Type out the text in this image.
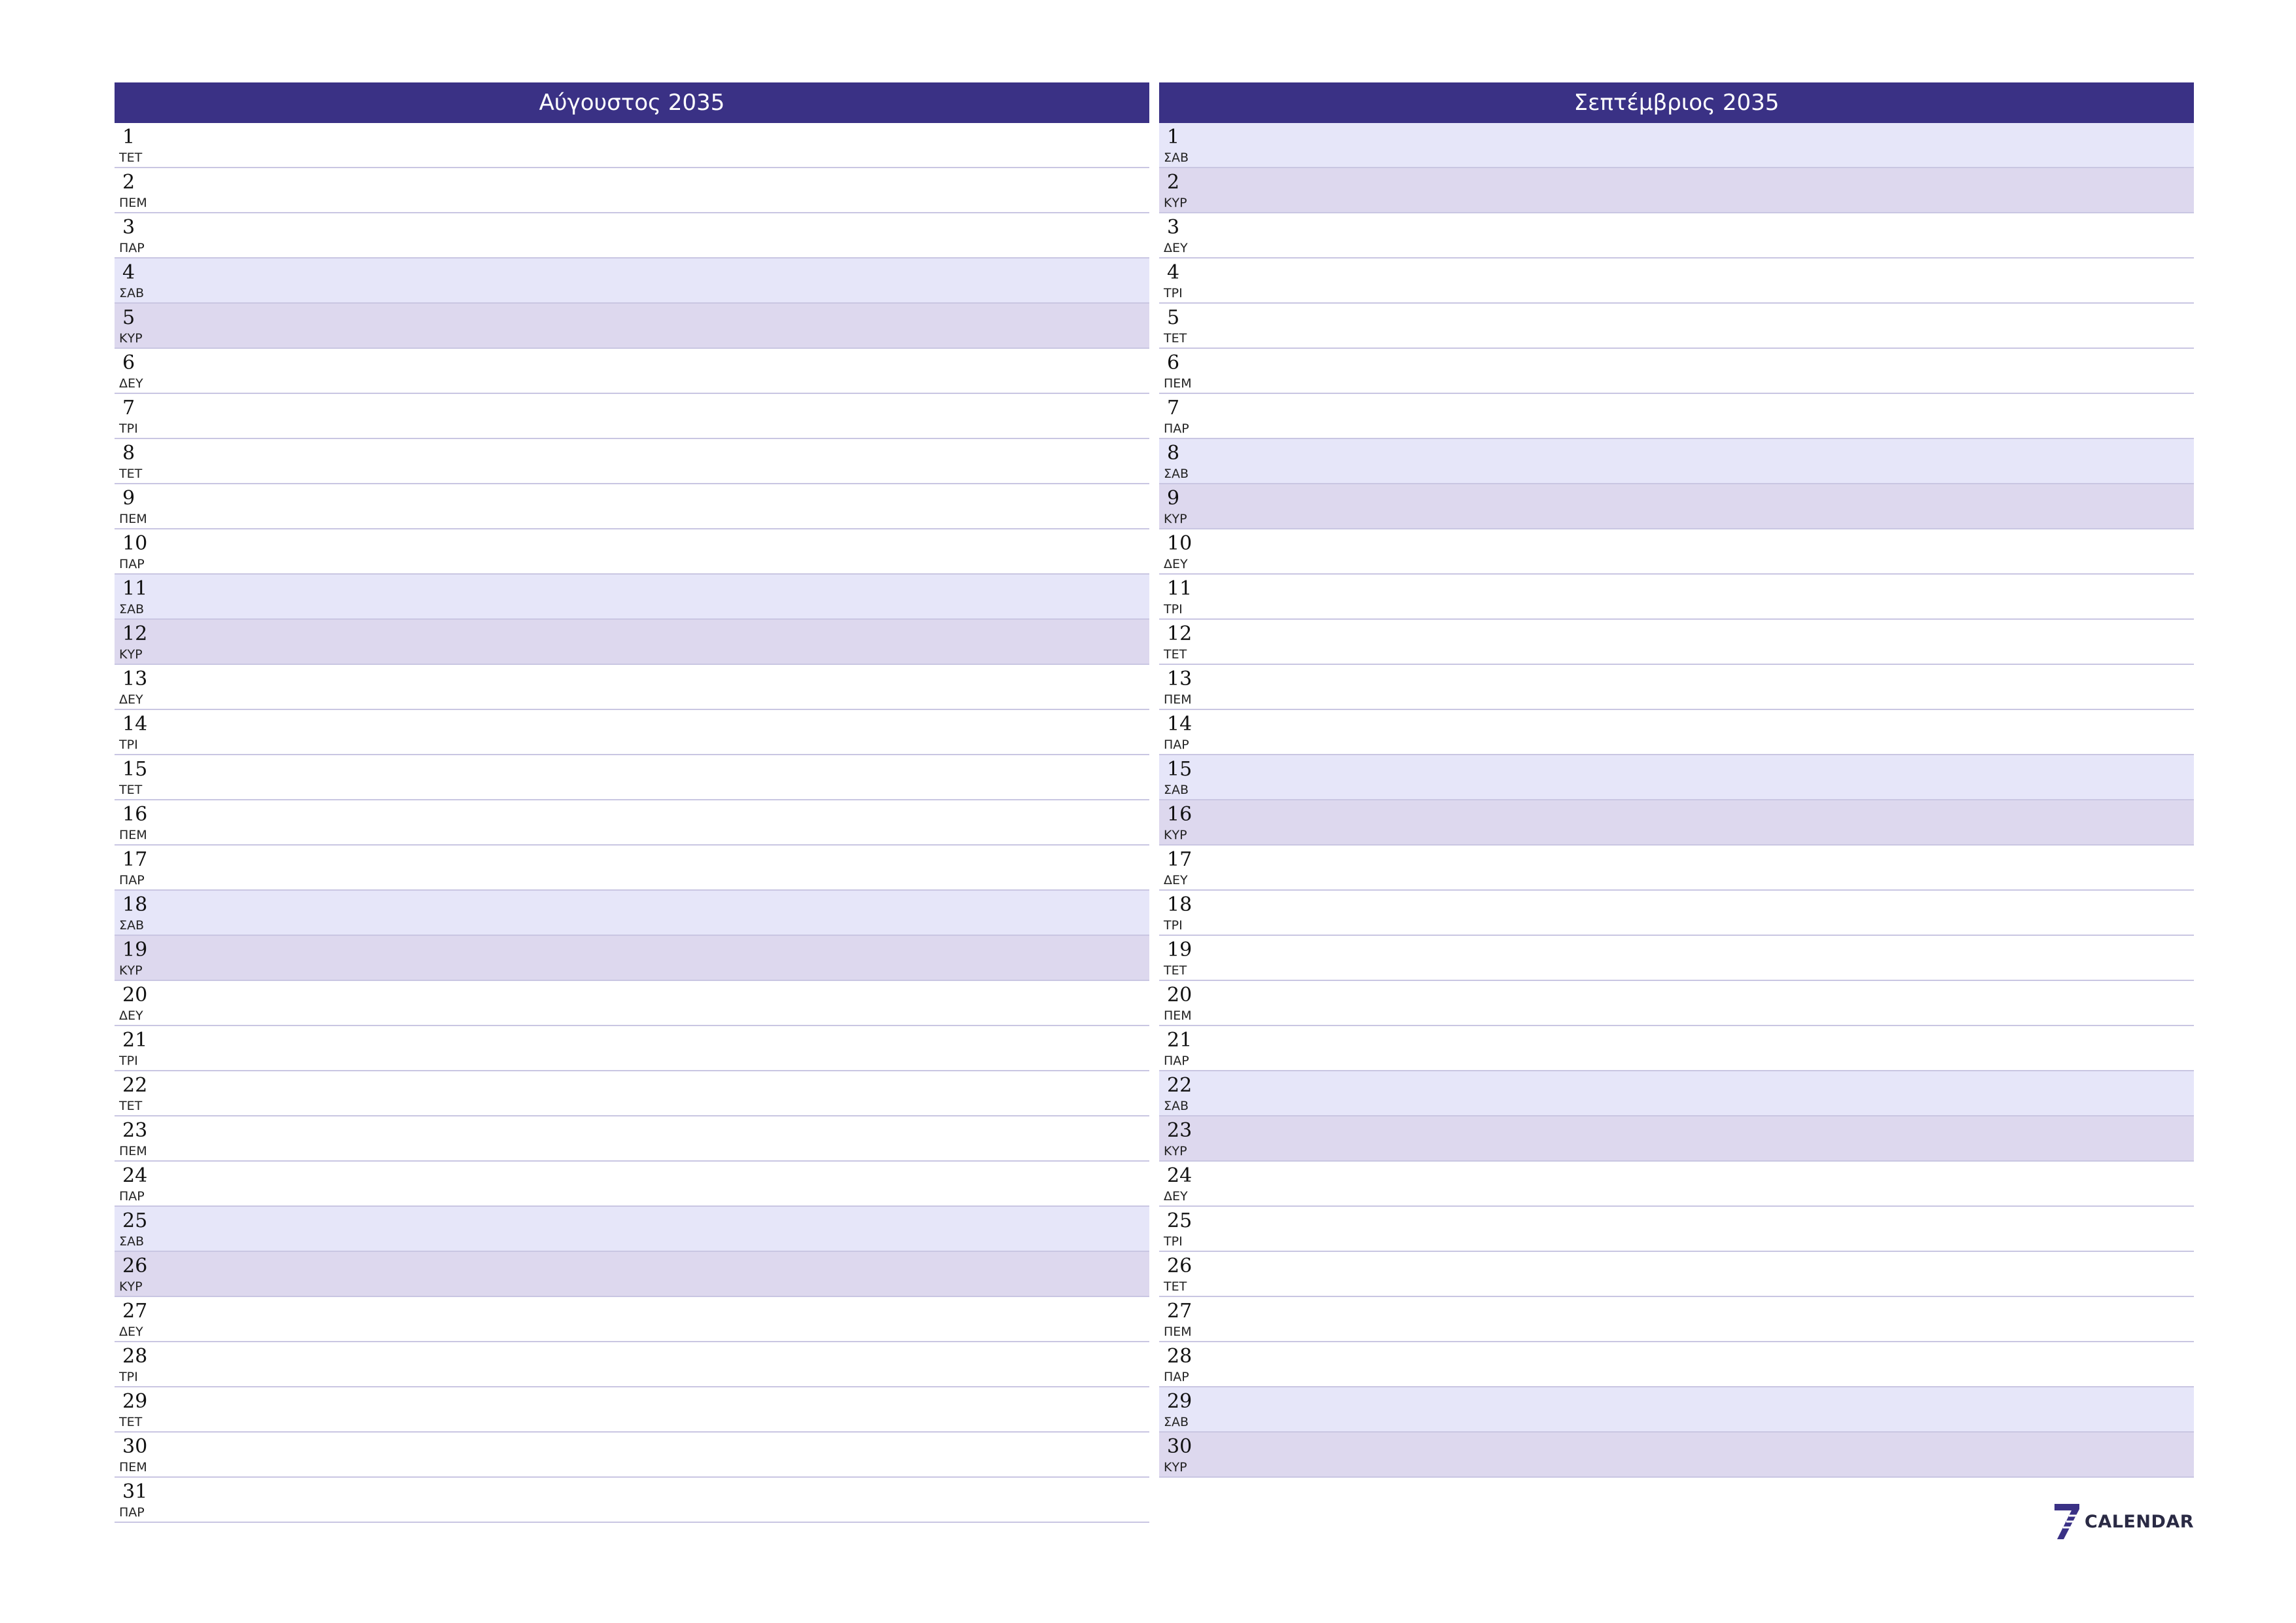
Αύγουστος 2035
1
ΤΕΤ
2
ΠΕΜ
3
ΠΑΡ
4
ΣΑΒ
5
ΚΥΡ
6
ΔΕΥ
7
ΤΡΙ
8
ΤΕΤ
9
ΠΕΜ
10
ΠΑΡ
11
ΣΑΒ
12
ΚΥΡ
13
ΔΕΥ
14
ΤΡΙ
15
ΤΕΤ
16
ΠΕΜ
17
ΠΑΡ
18
ΣΑΒ
19
ΚΥΡ
20
ΔΕΥ
21
ΤΡΙ
22
ΤΕΤ
23
ΠΕΜ
24
ΠΑΡ
25
ΣΑΒ
26
ΚΥΡ
27
ΔΕΥ
28
ΤΡΙ
29
ΤΕΤ
30
ΠΕΜ
31
ΠΑΡ
Σεπτέμβριος 2035
1
ΣΑΒ
2
ΚΥΡ
3
ΔΕΥ
4
ΤΡΙ
5
ΤΕΤ
6
ΠΕΜ
7
ΠΑΡ
8
ΣΑΒ
9
ΚΥΡ
10
ΔΕΥ
11
ΤΡΙ
12
ΤΕΤ
13
ΠΕΜ
14
ΠΑΡ
15
ΣΑΒ
16
ΚΥΡ
17
ΔΕΥ
18
ΤΡΙ
19
ΤΕΤ
20
ΠΕΜ
21
ΠΑΡ
22
ΣΑΒ
23
ΚΥΡ
24
ΔΕΥ
25
ΤΡΙ
26
ΤΕΤ
27
ΠΕΜ
28
ΠΑΡ
29
ΣΑΒ
30
ΚΥΡ
CALENDAR
